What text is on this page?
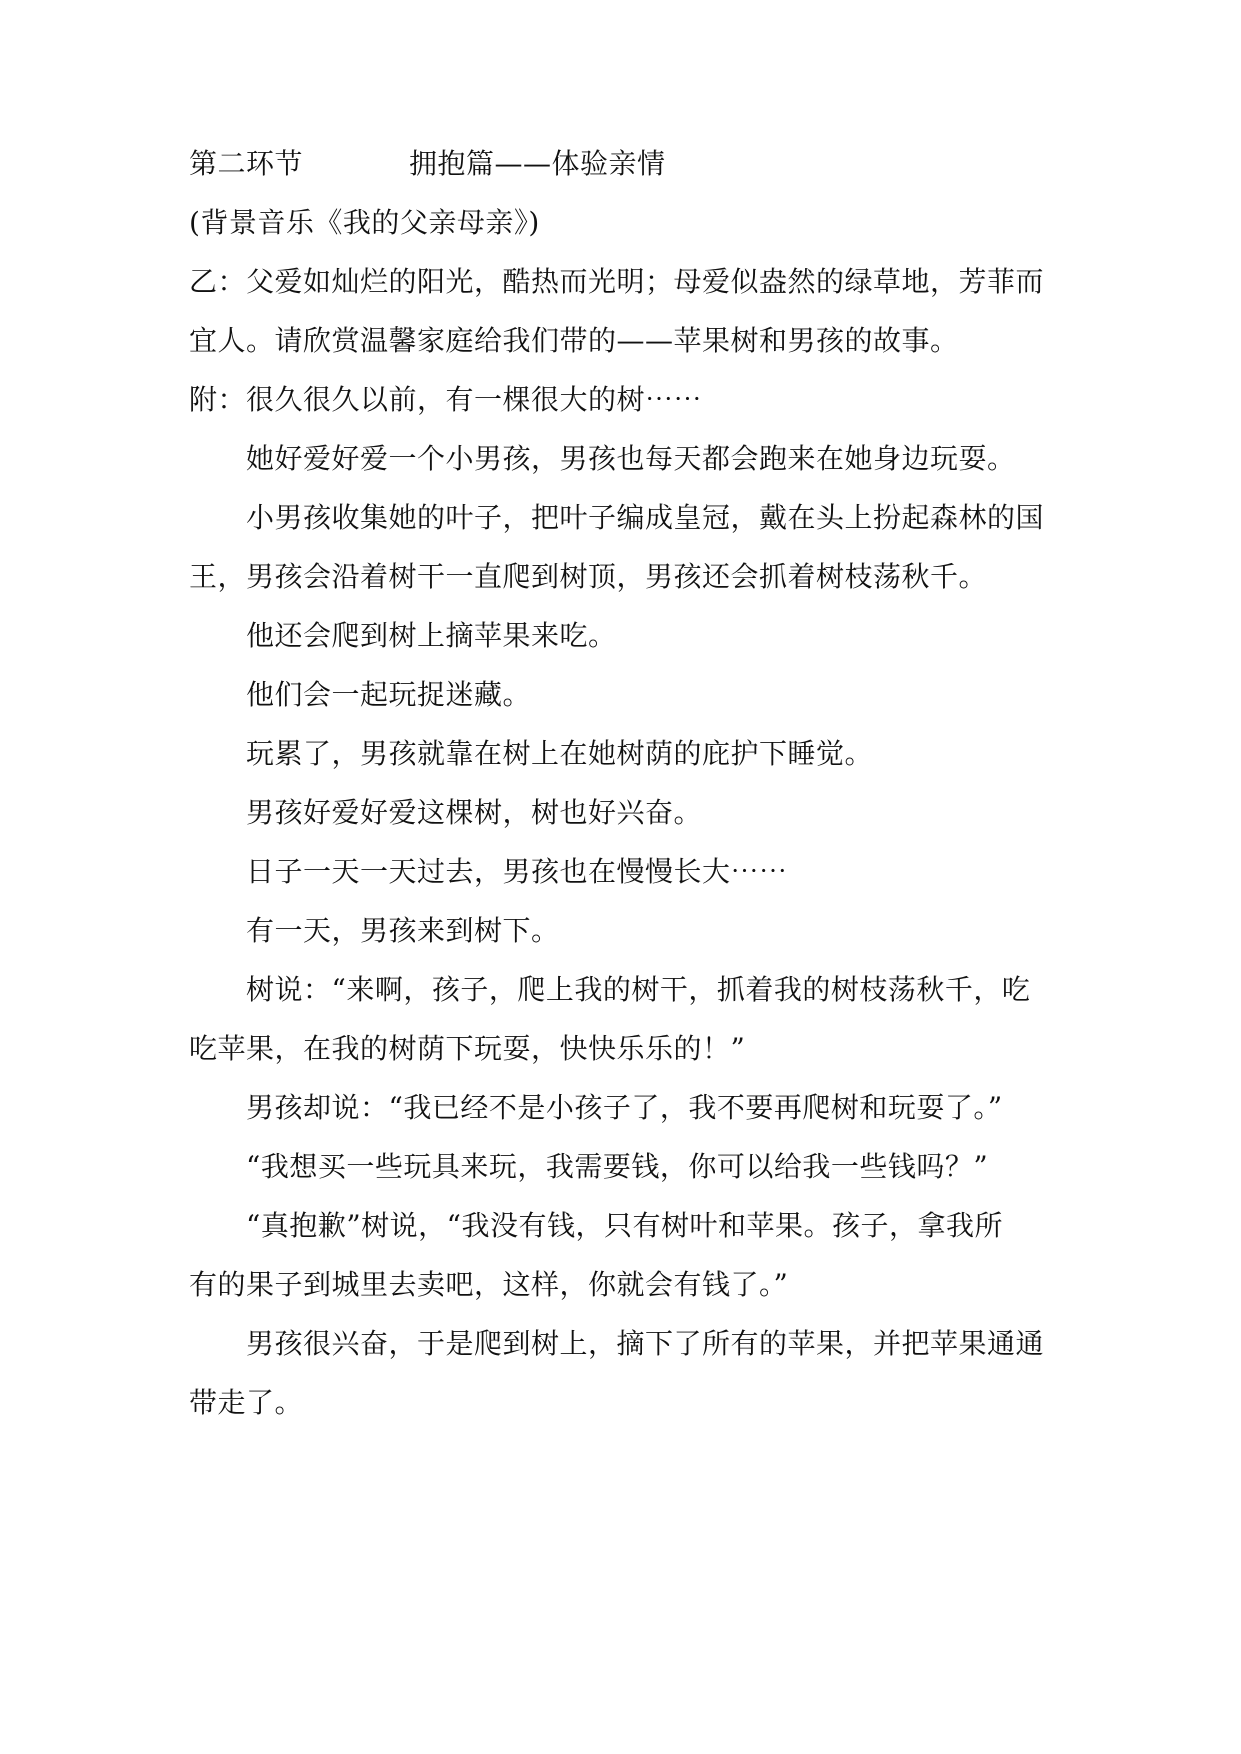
第二环节	拥抱篇——体验亲情
(背景音乐《我的父亲母亲》)
乙：父爱如灿烂的阳光，酷热而光明；母爱似盎然的绿草地，芳菲而
宜人。请欣赏温馨家庭给我们带的——苹果树和男孩的故事。
附：很久很久以前，有一棵很大的树⋯⋯
她好爱好爱一个小男孩，男孩也每天都会跑来在她身边玩耍。
小男孩收集她的叶子，把叶子编成皇冠，戴在头上扮起森林的国
王，男孩会沿着树干一直爬到树顶，男孩还会抓着树枝荡秋千。
他还会爬到树上摘苹果来吃。
他们会一起玩捉迷藏。
玩累了，男孩就靠在树上在她树荫的庇护下睡觉。
男孩好爱好爱这棵树，树也好兴奋。
日子一天一天过去，男孩也在慢慢长大⋯⋯
有一天，男孩来到树下。
树说：“来啊，孩子，爬上我的树干，抓着我的树枝荡秋千，吃
吃苹果，在我的树荫下玩耍，快快乐乐的！”
男孩却说：“我已经不是小孩子了，我不要再爬树和玩耍了。”
“我想买一些玩具来玩，我需要钱，你可以给我一些钱吗？”
“真抱歉”树说，“我没有钱，只有树叶和苹果。孩子，拿我所
有的果子到城里去卖吧，这样，你就会有钱了。”
男孩很兴奋，于是爬到树上，摘下了所有的苹果，并把苹果通通
带走了。
